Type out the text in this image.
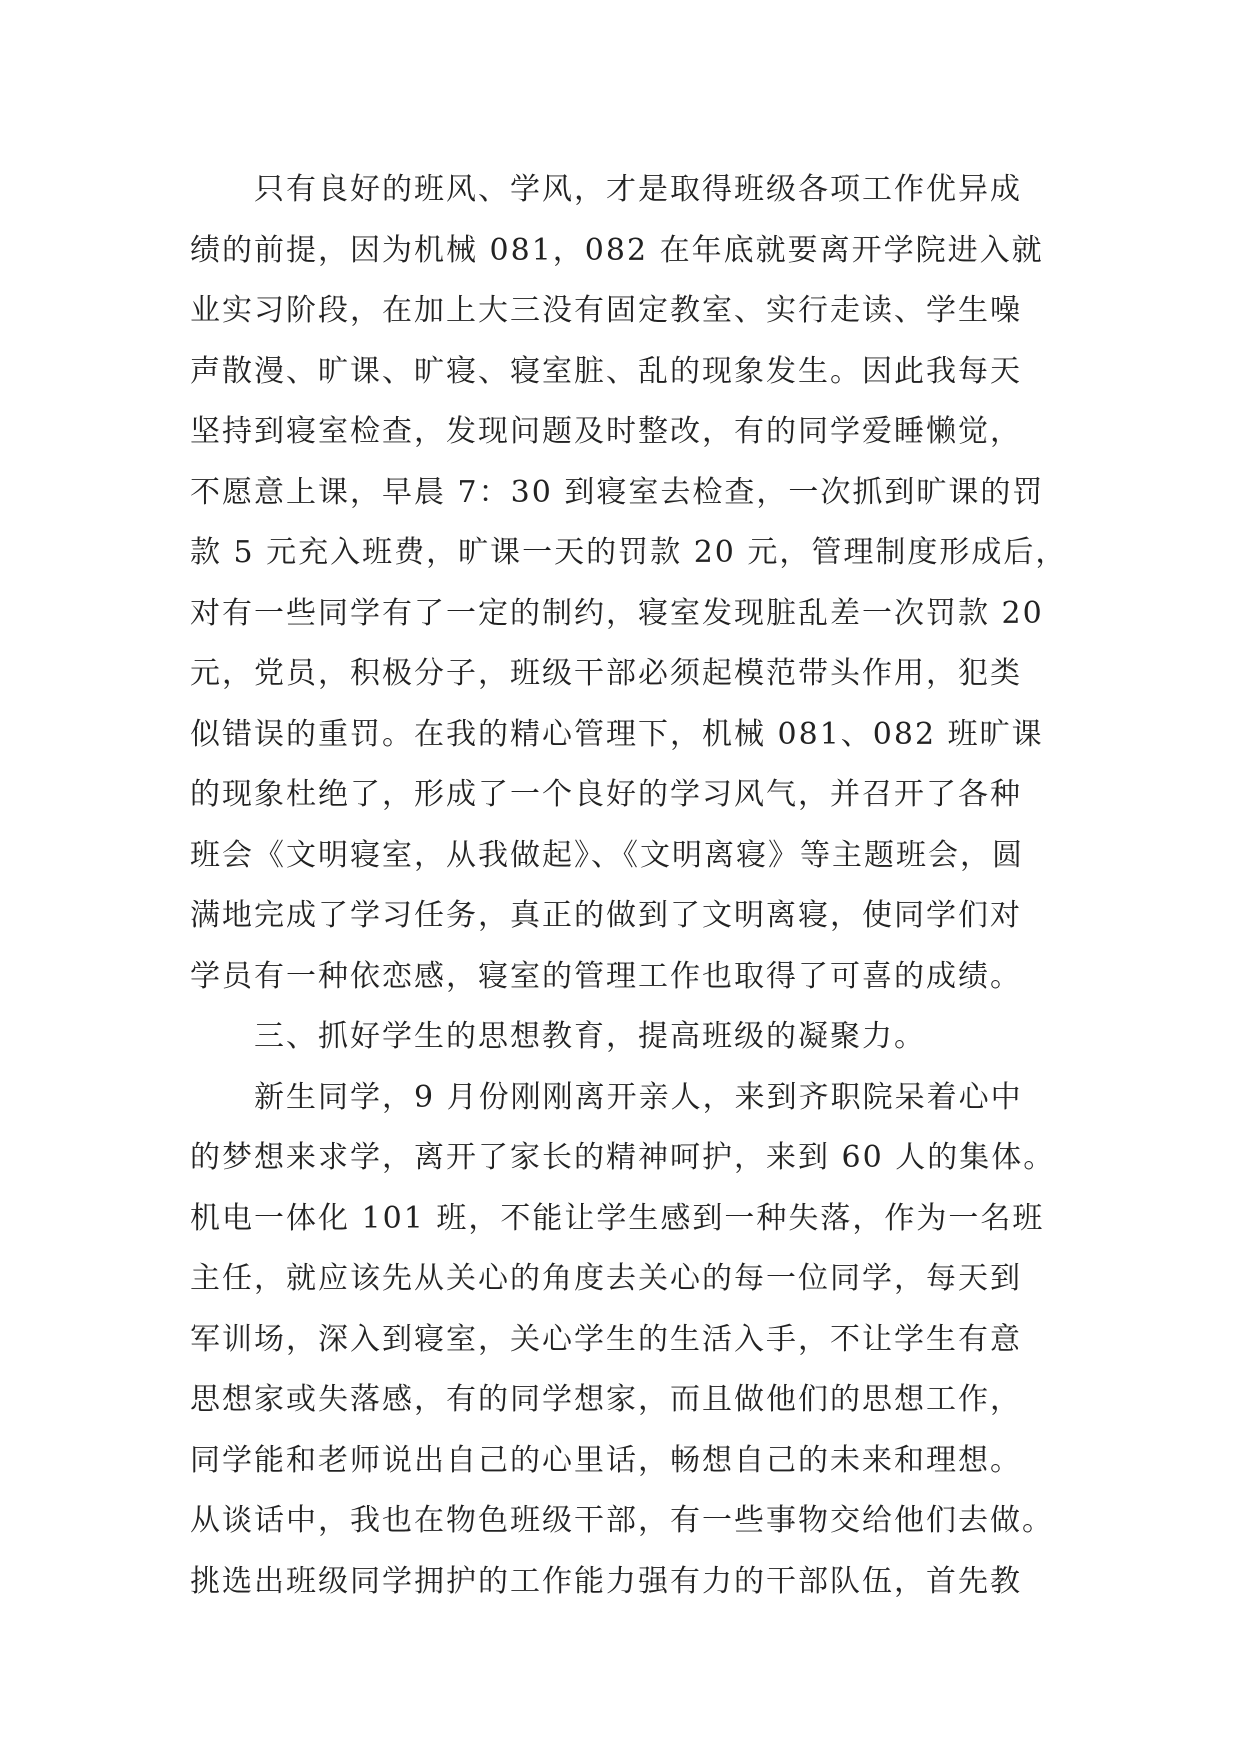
　　只有良好的班风、学风，才是取得班级各项工作优异成
绩的前提，因为机械 081，082 在年底就要离开学院进入就
业实习阶段，在加上大三没有固定教室、实行走读、学生噪
声散漫、旷课、旷寝、寝室脏、乱的现象发生。因此我每天
坚持到寝室检查，发现问题及时整改，有的同学爱睡懒觉，
不愿意上课，早晨 7：30 到寝室去检查，一次抓到旷课的罚
款 5 元充入班费，旷课一天的罚款 20 元，管理制度形成后，
对有一些同学有了一定的制约，寝室发现脏乱差一次罚款 20
元，党员，积极分子，班级干部必须起模范带头作用，犯类
似错误的重罚。在我的精心管理下，机械 081、082 班旷课
的现象杜绝了，形成了一个良好的学习风气，并召开了各种
班会《文明寝室，从我做起》、《文明离寝》等主题班会，圆
满地完成了学习任务，真正的做到了文明离寝，使同学们对
学员有一种依恋感，寝室的管理工作也取得了可喜的成绩。
　　三、抓好学生的思想教育，提高班级的凝聚力。
　　新生同学，9 月份刚刚离开亲人，来到齐职院呆着心中
的梦想来求学，离开了家长的精神呵护，来到 60 人的集体。
机电一体化 101 班，不能让学生感到一种失落，作为一名班
主任，就应该先从关心的角度去关心的每一位同学，每天到
军训场，深入到寝室，关心学生的生活入手，不让学生有意
思想家或失落感，有的同学想家，而且做他们的思想工作，
同学能和老师说出自己的心里话，畅想自己的未来和理想。
从谈话中，我也在物色班级干部，有一些事物交给他们去做。
挑选出班级同学拥护的工作能力强有力的干部队伍，首先教
